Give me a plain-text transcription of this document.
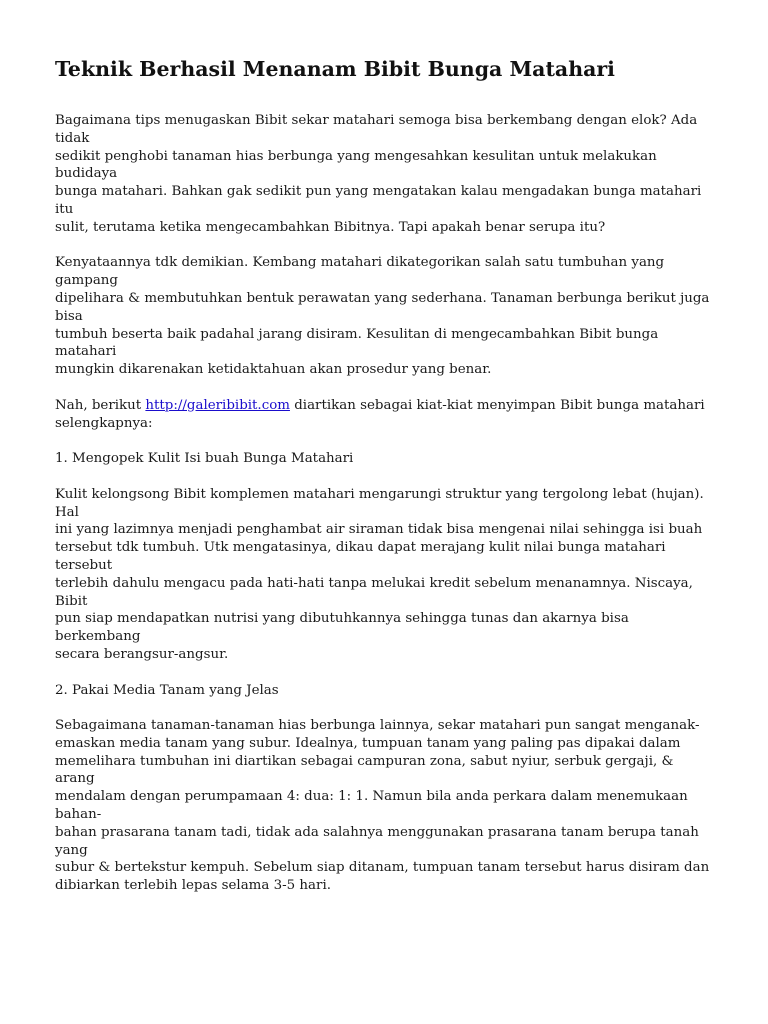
Teknik Berhasil Menanam Bibit Bunga Matahari

Bagaimana tips menugaskan Bibit sekar matahari semoga bisa berkembang dengan elok? Ada tidak
sedikit penghobi tanaman hias berbunga yang mengesahkan kesulitan untuk melakukan budidaya
bunga matahari. Bahkan gak sedikit pun yang mengatakan kalau mengadakan bunga matahari itu
sulit, terutama ketika mengecambahkan Bibitnya. Tapi apakah benar serupa itu?

Kenyataannya tdk demikian. Kembang matahari dikategorikan salah satu tumbuhan yang gampang
dipelihara & membutuhkan bentuk perawatan yang sederhana. Tanaman berbunga berikut juga bisa
tumbuh beserta baik padahal jarang disiram. Kesulitan di mengecambahkan Bibit bunga matahari
mungkin dikarenakan ketidaktahuan akan prosedur yang benar.

Nah, berikut http://galeribibit.com diartikan sebagai kiat-kiat menyimpan Bibit bunga matahari
selengkapnya:

1. Mengopek Kulit Isi buah Bunga Matahari

Kulit kelongsong Bibit komplemen matahari mengarungi struktur yang tergolong lebat (hujan). Hal
ini yang lazimnya menjadi penghambat air siraman tidak bisa mengenai nilai sehingga isi buah
tersebut tdk tumbuh. Utk mengatasinya, dikau dapat merajang kulit nilai bunga matahari tersebut
terlebih dahulu mengacu pada hati-hati tanpa melukai kredit sebelum menanamnya. Niscaya, Bibit
pun siap mendapatkan nutrisi yang dibutuhkannya sehingga tunas dan akarnya bisa berkembang
secara berangsur-angsur.

2. Pakai Media Tanam yang Jelas

Sebagaimana tanaman-tanaman hias berbunga lainnya, sekar matahari pun sangat menganak-
emaskan media tanam yang subur. Idealnya, tumpuan tanam yang paling pas dipakai dalam
memelihara tumbuhan ini diartikan sebagai campuran zona, sabut nyiur, serbuk gergaji, & arang
mendalam dengan perumpamaan 4: dua: 1: 1. Namun bila anda perkara dalam menemukaan bahan-
bahan prasarana tanam tadi, tidak ada salahnya menggunakan prasarana tanam berupa tanah yang
subur & bertekstur kempuh. Sebelum siap ditanam, tumpuan tanam tersebut harus disiram dan
dibiarkan terlebih lepas selama 3-5 hari.
